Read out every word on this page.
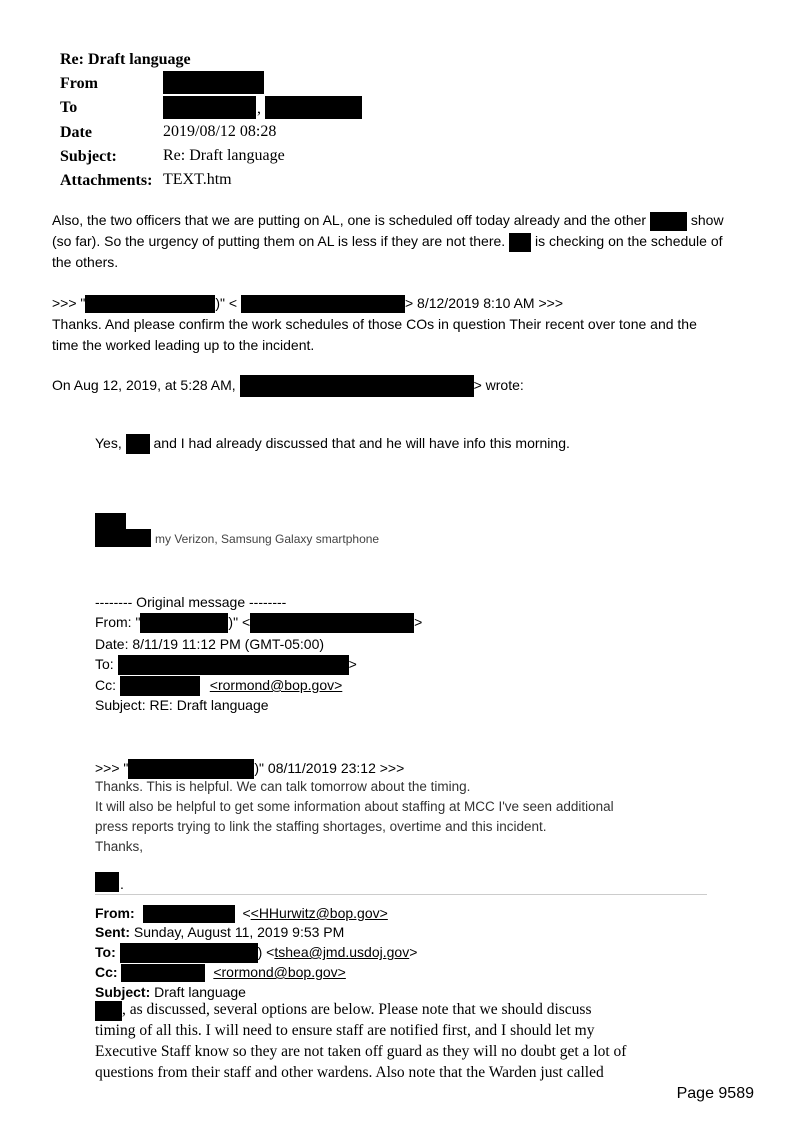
Re: Draft language
From
To	,
Date	2019/08/12 08:28
Subject:	Re: Draft language
Attachments: TEXT.htm
Also, the two officers that we are putting on AL, one is scheduled off today already and the other	show
(so far). So the urgency of putting them on AL is less if they are not there. is checking on the schedule of
the others.
>>> "	)" <	> 8/12/2019 8:10 AM >>>
Thanks. And please confirm the work schedules of those COs in question Their recent over tone and the
time the worked leading up to the incident.
On Aug 12, 2019, at 5:28 AM,	> wrote:
Yes, and I had already discussed that and he will have info this morning.
my Verizon, Samsung Galaxy smartphone
-------- Original message --------
From: "	)" <	>
Date: 8/11/19 11:12 PM (GMT-05:00)
To:	>
Cc:	<rormond@bop.gov>
Subject: RE: Draft language
>>> "	)" 08/11/2019 23:12 >>>
Thanks. This is helpful. We can talk tomorrow about the timing.
It will also be helpful to get some information about staffing at MCC I've seen additional
press reports trying to link the staffing shortages, overtime and this incident.
Thanks,
.
From:	<<HHurwitz@bop.gov>
Sent: Sunday, August 11, 2019 9:53 PM
To:	) <tshea@jmd.usdoj.gov>
Cc:	<rormond@bop.gov>
Subject: Draft language
, as discussed, several options are below. Please note that we should discuss
timing of all this. I will need to ensure staff are notified first, and I should let my
Executive Staff know so they are not taken off guard as they will no doubt get a lot of
questions from their staff and other wardens. Also note that the Warden just called
Page 9589
